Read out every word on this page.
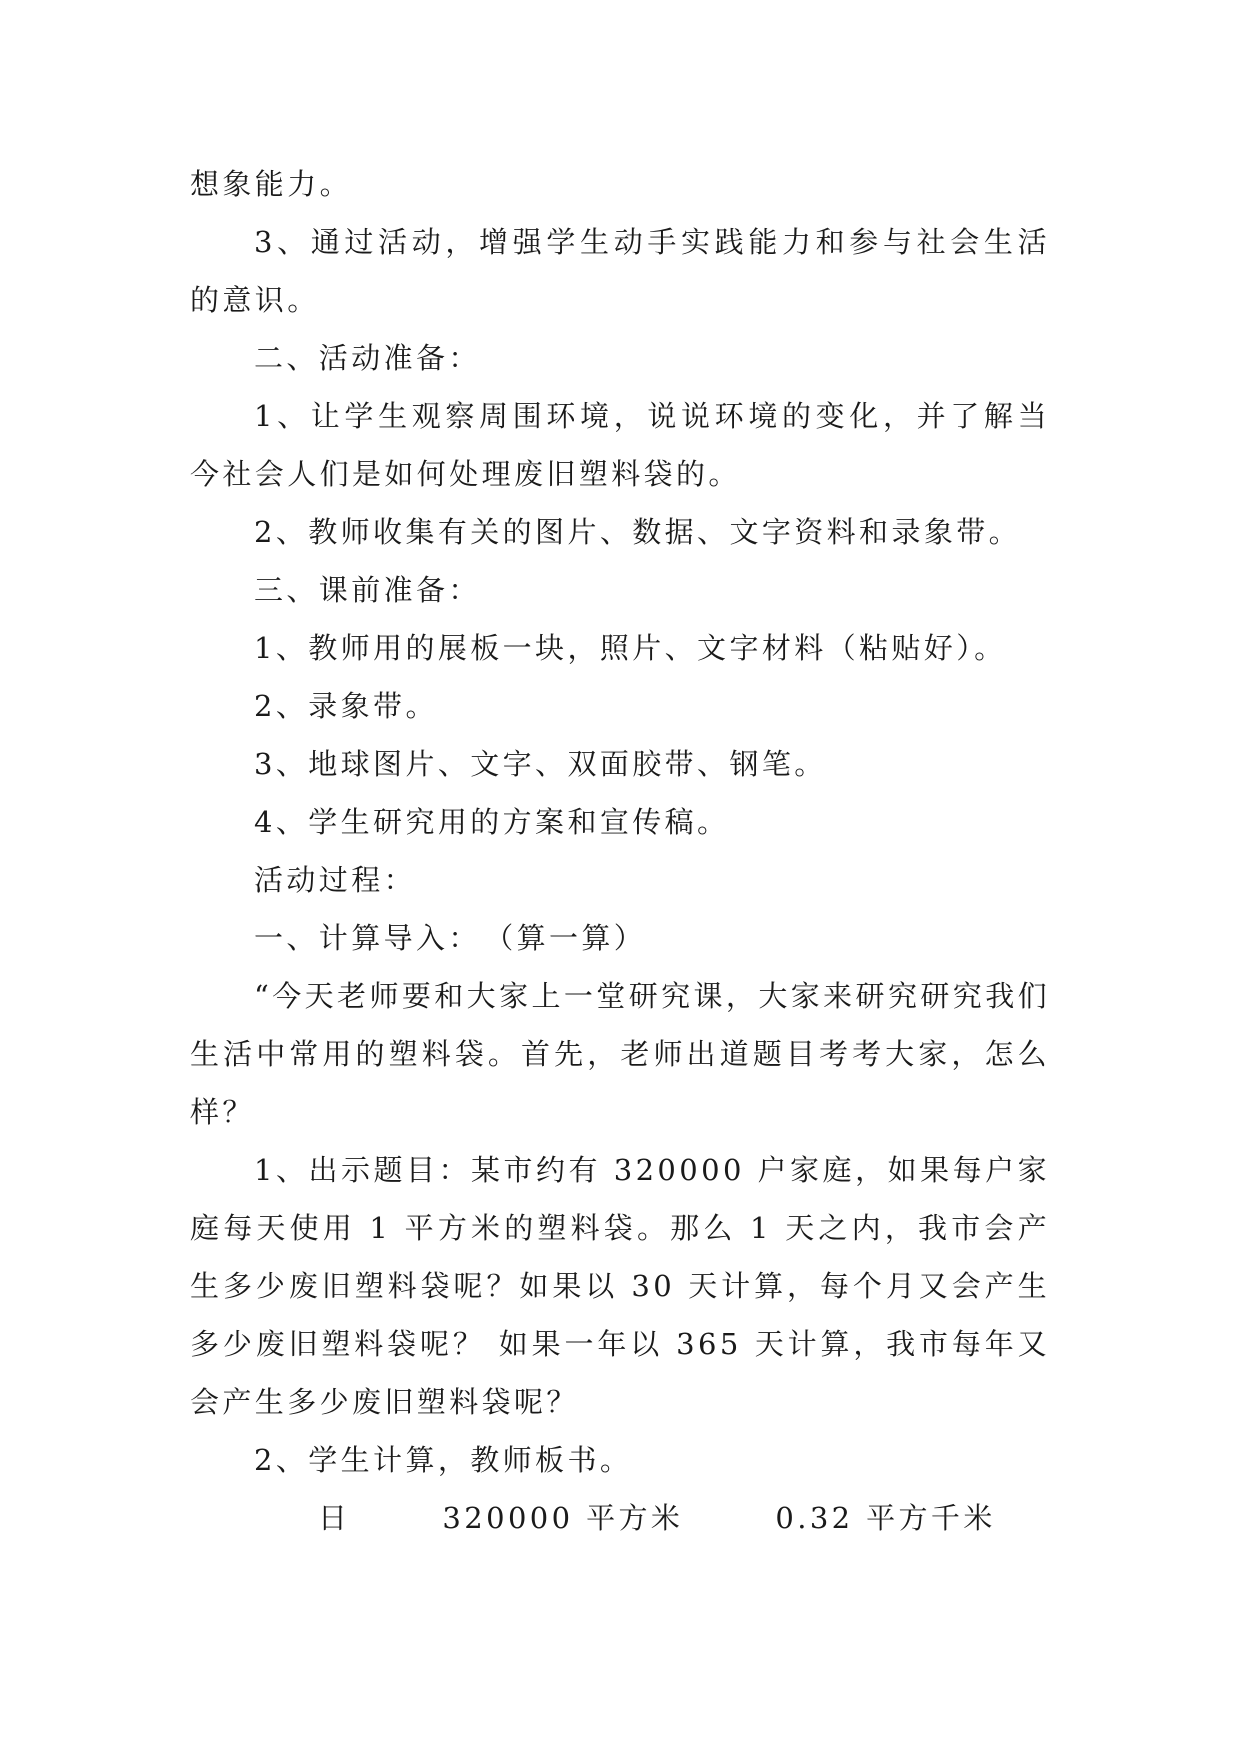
想象能力。

3、通过活动，增强学生动手实践能力和参与社会生活的意识。

二、活动准备：

1、让学生观察周围环境，说说环境的变化，并了解当今社会人们是如何处理废旧塑料袋的。

2、教师收集有关的图片、数据、文字资料和录象带。

三、课前准备：

1、教师用的展板一块，照片、文字材料（粘贴好）。

2、录象带。

3、地球图片、文字、双面胶带、钢笔。

4、学生研究用的方案和宣传稿。

活动过程：

一、计算导入：　（算一算）

“今天老师要和大家上一堂研究课，大家来研究研究我们生活中常用的塑料袋。首先，老师出道题目考考大家，怎么样？

1、出示题目：某市约有 320000 户家庭，如果每户家庭每天使用 1 平方米的塑料袋。那么 1 天之内，我市会产生多少废旧塑料袋呢？如果以 30 天计算，每个月又会产生多少废旧塑料袋呢？ 如果一年以 365 天计算，我市每年又会产生多少废旧塑料袋呢？

2、学生计算，教师板书。

日	320000 平方米	0.32 平方千米
